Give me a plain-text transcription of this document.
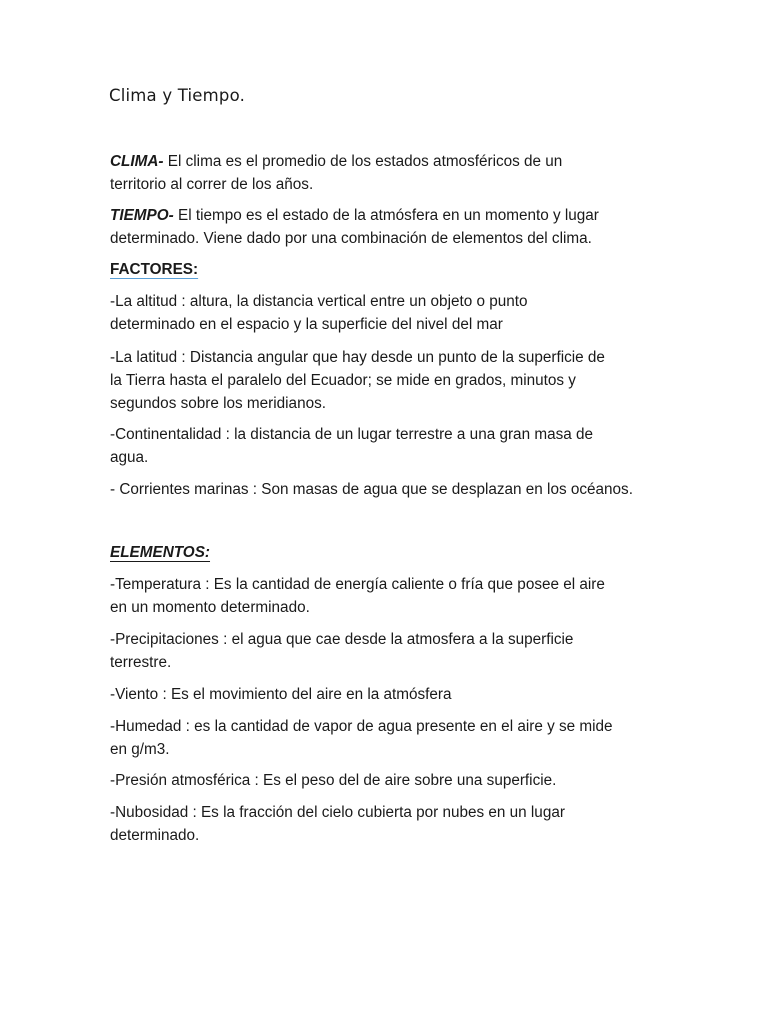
Clima y Tiempo.

CLIMA- El clima es el promedio de los estados atmosféricos de un
territorio al correr de los años.

TIEMPO- El tiempo es el estado de la atmósfera en un momento y lugar
determinado. Viene dado por una combinación de elementos del clima.

FACTORES:

-La altitud : altura, la distancia vertical entre un objeto o punto
determinado en el espacio y la superficie del nivel del mar

-La latitud : Distancia angular que hay desde un punto de la superficie de
la Tierra hasta el paralelo del Ecuador; se mide en grados, minutos y
segundos sobre los meridianos.

-Continentalidad : la distancia de un lugar terrestre a una gran masa de
agua.

- Corrientes marinas : Son masas de agua que se desplazan en los océanos.

ELEMENTOS:

-Temperatura : Es la cantidad de energía caliente o fría que posee el aire
en un momento determinado.

-Precipitaciones : el agua que cae desde la atmosfera a la superficie
terrestre.

-Viento : Es el movimiento del aire en la atmósfera

-Humedad : es la cantidad de vapor de agua presente en el aire y se mide
en g/m3.

-Presión atmosférica : Es el peso del de aire sobre una superficie.

-Nubosidad : Es la fracción del cielo cubierta por nubes en un lugar
determinado.
